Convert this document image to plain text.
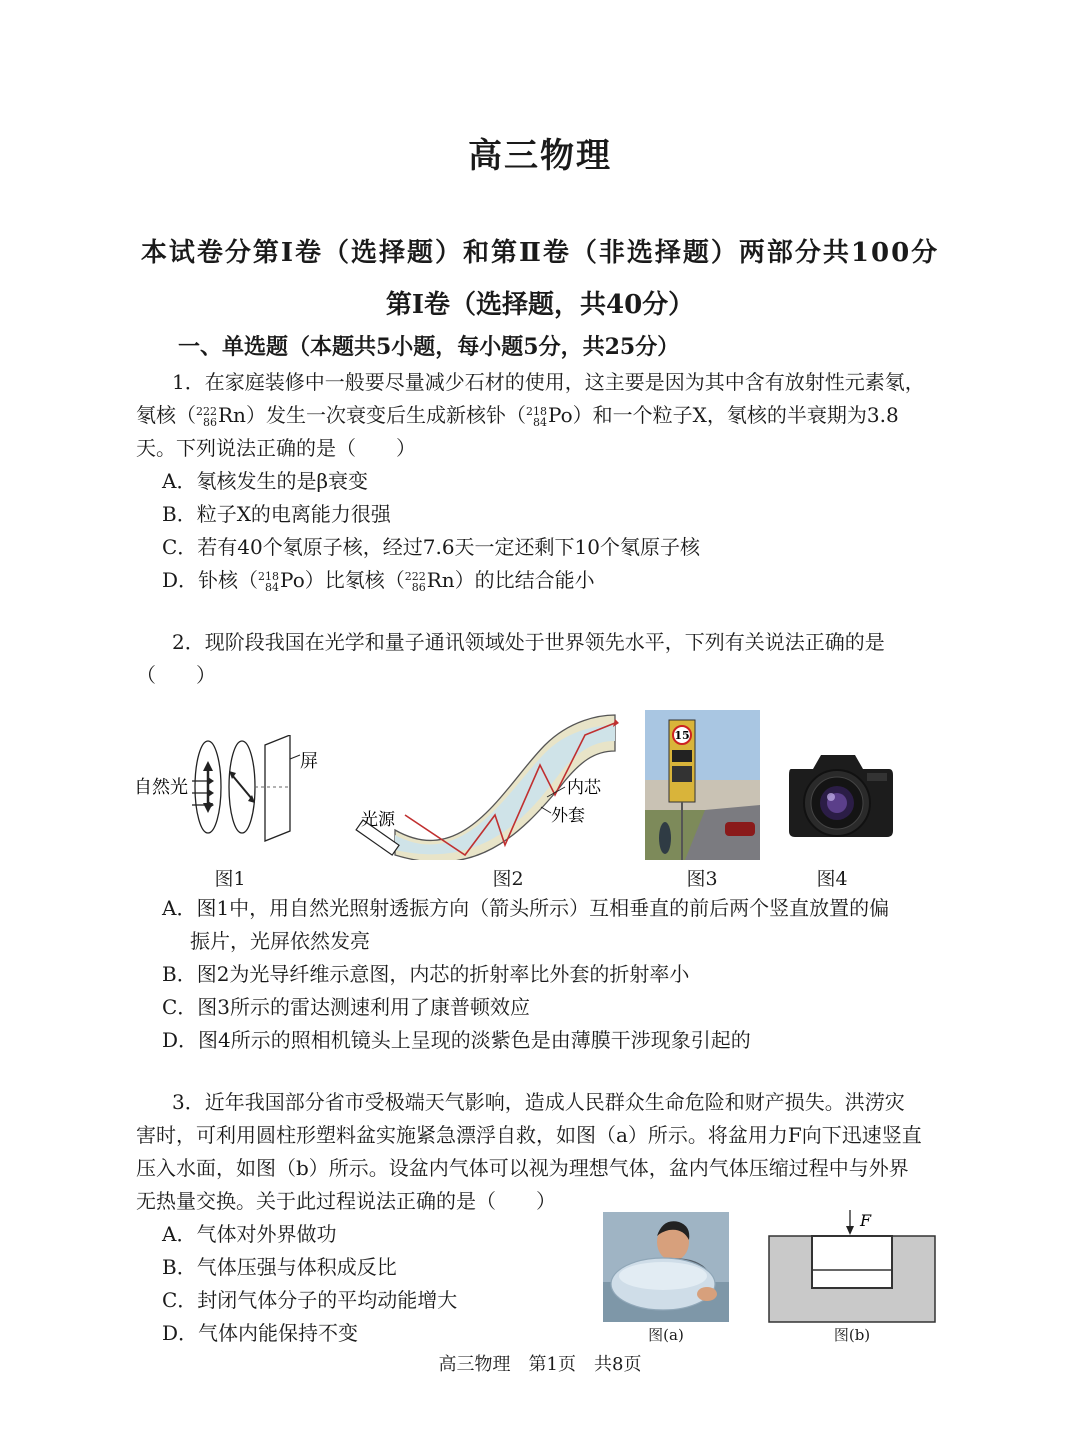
高三物理
本试卷分第Ⅰ卷（选择题）和第Ⅱ卷（非选择题）两部分共100分
第Ⅰ卷（选择题，共40分）
一、单选题（本题共5小题，每小题5分，共25分）
1．在家庭装修中一般要尽量减少石材的使用，这主要是因为其中含有放射性元素氡，
氡核（ 222
86 Rn）发生一次衰变后生成新核钋（ 218
84 Po）和一个粒子X，氡核的半衰期为3.8
天。下列说法正确的是（　　）
A．氡核发生的是β衰变
B．粒子X的电离能力很强
C．若有40个氡原子核，经过7.6天一定还剩下10个氡原子核
D．钋核（ 218
84 Po）比氡核（ 222
86 Rn）的比结合能小
2．现阶段我国在光学和量子通讯领域处于世界领先水平，下列有关说法正确的是
（　　）
自然光
屏
图1
光源
内芯
外套
图2
15
图3	图4
A．图1中，用自然光照射透振方向（箭头所示）互相垂直的前后两个竖直放置的偏
振片，光屏依然发亮
B．图2为光导纤维示意图，内芯的折射率比外套的折射率小
C．图3所示的雷达测速利用了康普顿效应
D．图4所示的照相机镜头上呈现的淡紫色是由薄膜干涉现象引起的
3．近年我国部分省市受极端天气影响，造成人民群众生命危险和财产损失。洪涝灾
害时，可利用圆柱形塑料盆实施紧急漂浮自救，如图（a）所示。将盆用力F向下迅速竖直
压入水面，如图（b）所示。设盆内气体可以视为理想气体，盆内气体压缩过程中与外界
无热量交换。关于此过程说法正确的是（　　）
A．气体对外界做功
B．气体压强与体积成反比
C．封闭气体分子的平均动能增大
D．气体内能保持不变	图(a)
F
图(b)
高三物理　第1页　共8页
